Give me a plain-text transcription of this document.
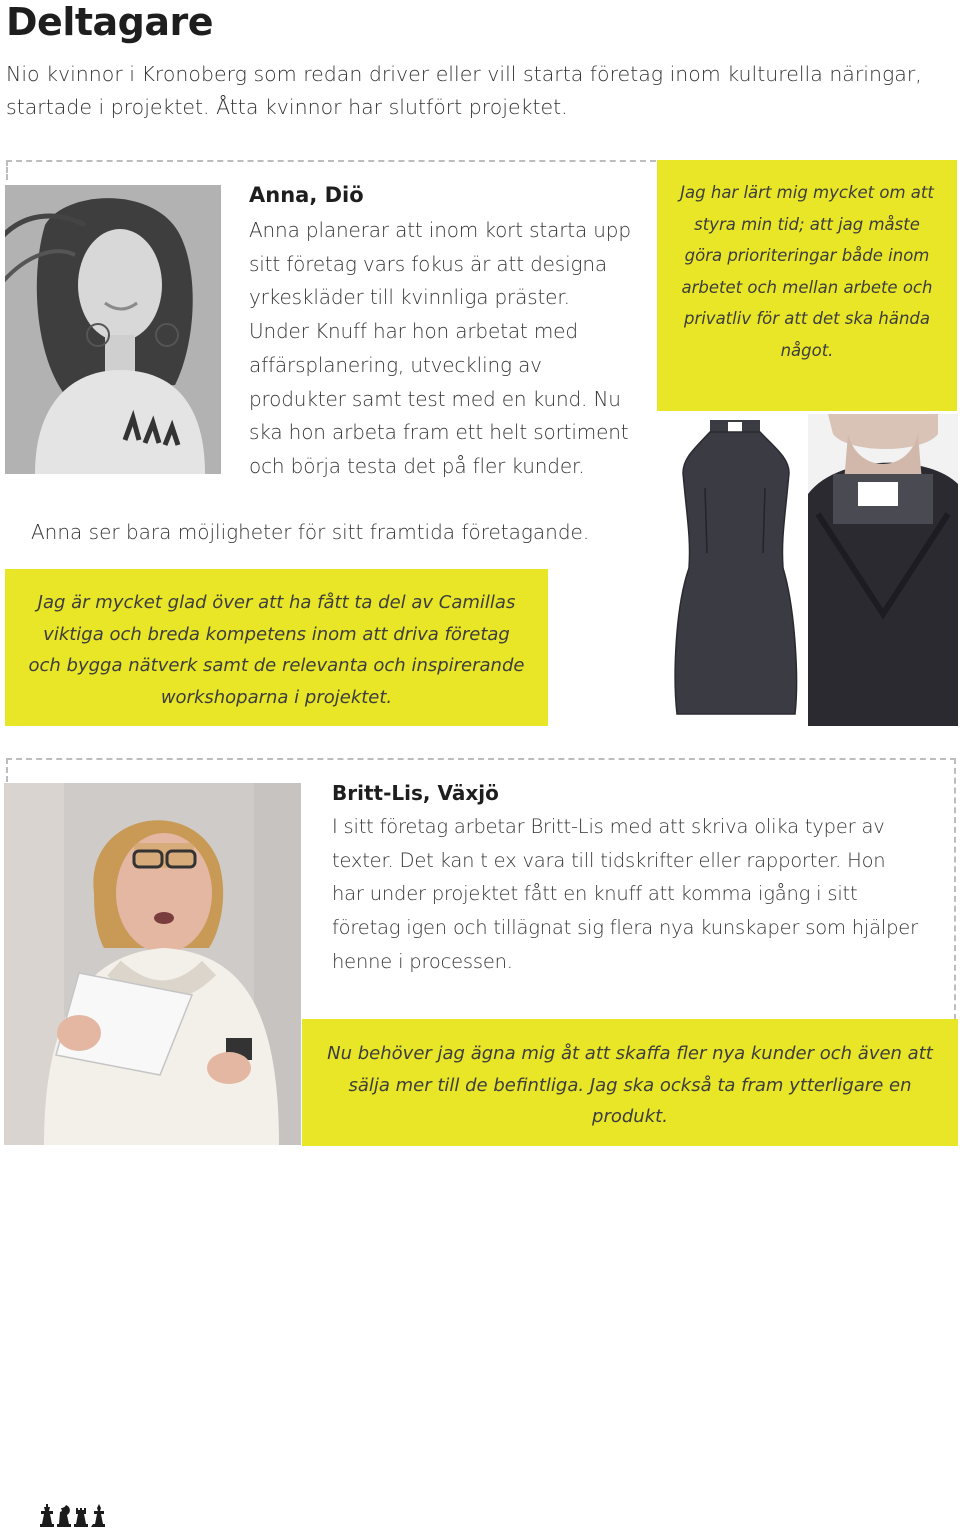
Deltagare
Nio kvinnor i Kronoberg som redan driver eller vill starta företag inom kulturella näringar, startade i projektet. Åtta kvinnor har slutfört projektet.
Anna, Diö
Anna planerar att inom kort starta upp sitt företag vars fokus är att designa yrkeskläder till kvinnliga präster. Under Knuff har hon arbetat med affärsplanering, utveckling av produkter samt test med en kund. Nu ska hon arbeta fram ett helt sortiment och börja testa det på fler kunder.
Anna ser bara möjligheter för sitt framtida företagande.
Jag har lärt mig mycket om att styra min tid; att jag måste göra prioriteringar både inom arbetet och mellan arbete och privatliv för att det ska hända något.
Jag är mycket glad över att ha fått ta del av Camillas viktiga och breda kompetens inom att driva företag och bygga nätverk samt de relevanta och inspirerande workshoparna i projektet.
Britt-Lis, Växjö
I sitt företag arbetar Britt-Lis med att skriva olika typer av texter. Det kan t ex vara till tidskrifter eller rapporter. Hon har under projektet fått en knuff att komma igång i sitt företag igen och tillägnat sig flera nya kunskaper som hjälper henne i processen.
Nu behöver jag ägna mig åt att skaffa fler nya kunder och även att sälja mer till de befintliga. Jag ska också ta fram ytterligare en produkt.
